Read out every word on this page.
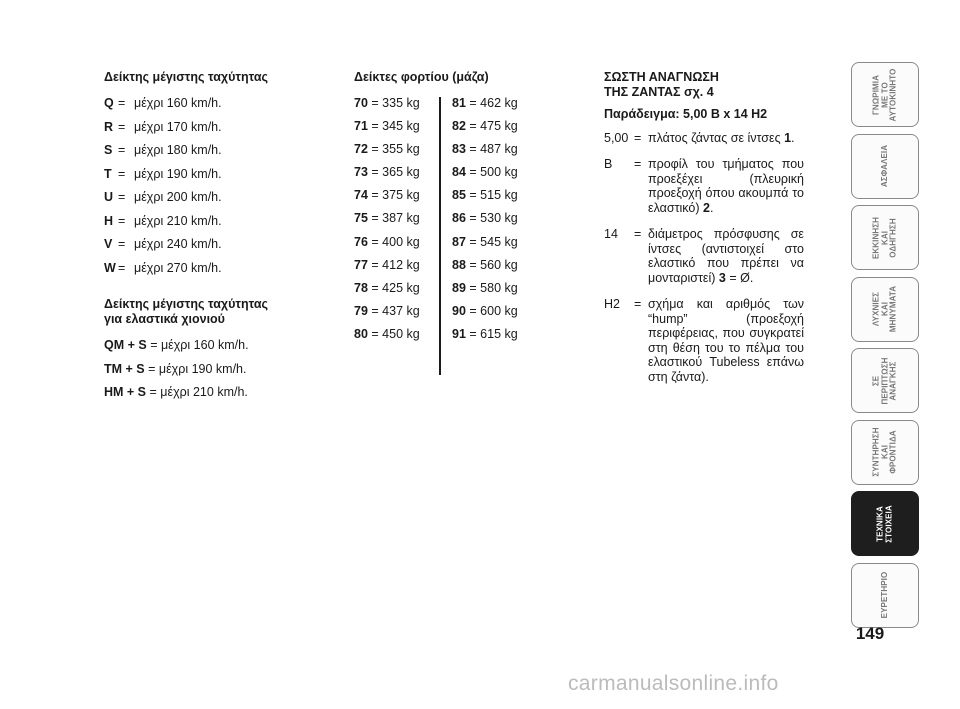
Δείκτης μέγιστης ταχύτητας
Q = μέχρι 160 km/h.
R = μέχρι 170 km/h.
S = μέχρι 180 km/h.
T = μέχρι 190 km/h.
U = μέχρι 200 km/h.
H = μέχρι 210 km/h.
V = μέχρι 240 km/h.
W = μέχρι 270 km/h.
Δείκτης μέγιστης ταχύτητας
για ελαστικά χιονιού
QM + S = μέχρι 160 km/h.
TM + S = μέχρι 190 km/h.
HM + S = μέχρι 210 km/h.
Δείκτες φορτίου (μάζα)
70 = 335 kg
71 = 345 kg
72 = 355 kg
73 = 365 kg
74 = 375 kg
75 = 387 kg
76 = 400 kg
77 = 412 kg
78 = 425 kg
79 = 437 kg
80 = 450 kg
81 = 462 kg
82 = 475 kg
83 = 487 kg
84 = 500 kg
85 = 515 kg
86 = 530 kg
87 = 545 kg
88 = 560 kg
89 = 580 kg
90 = 600 kg
91 = 615 kg
ΣΩΣΤΗ ΑΝΑΓΝΩΣΗ
ΤΗΣ ΖΑΝΤΑΣ σχ. 4
Παράδειγμα: 5,00 B x 14 H2
5,00 = πλάτος ζάντας σε ίντσες 1.
B	= προφίλ του τμήματος που προεξέχει (πλευρική προεξοχή όπου ακουμπά το ελαστικό) 2.
14	= διάμετρος πρόσφυσης σε ίντσες (αντιστοιχεί στο ελαστικό που πρέπει να μονταριστεί) 3 = Ø.
H2	= σχήμα και αριθμός των “hump” (προεξοχή περιφέρειας, που συγκρατεί στη θέση του το πέλμα του ελαστικού Tubeless επάνω στη ζάντα).
ΓΝΩΡΙΜΙΑ
ΜΕ ΤΟ
ΑΥΤΟΚΙΝΗΤΟ
ΑΣΦΑΛΕΙΑ
ΕΚΚΙΝΗΣΗ
ΚΑΙ
ΟΔΗΓΗΣΗ
ΛΥΧΝΙΕΣ
ΚΑΙ
ΜΗΝΥΜΑΤΑ
ΣΕ
ΠΕΡΙΠΤΩΣΗ
ΑΝΑΓΚΗΣ
ΣΥΝΤΗΡΗΣΗ
ΚΑΙ
ΦΡΟΝΤΙΔΑ
ΤΕΧΝΙΚΑ
ΣΤΟΙΧΕΙΑ
ΕΥΡΕΤΗΡΙΟ
149
carmanualsonline.info
